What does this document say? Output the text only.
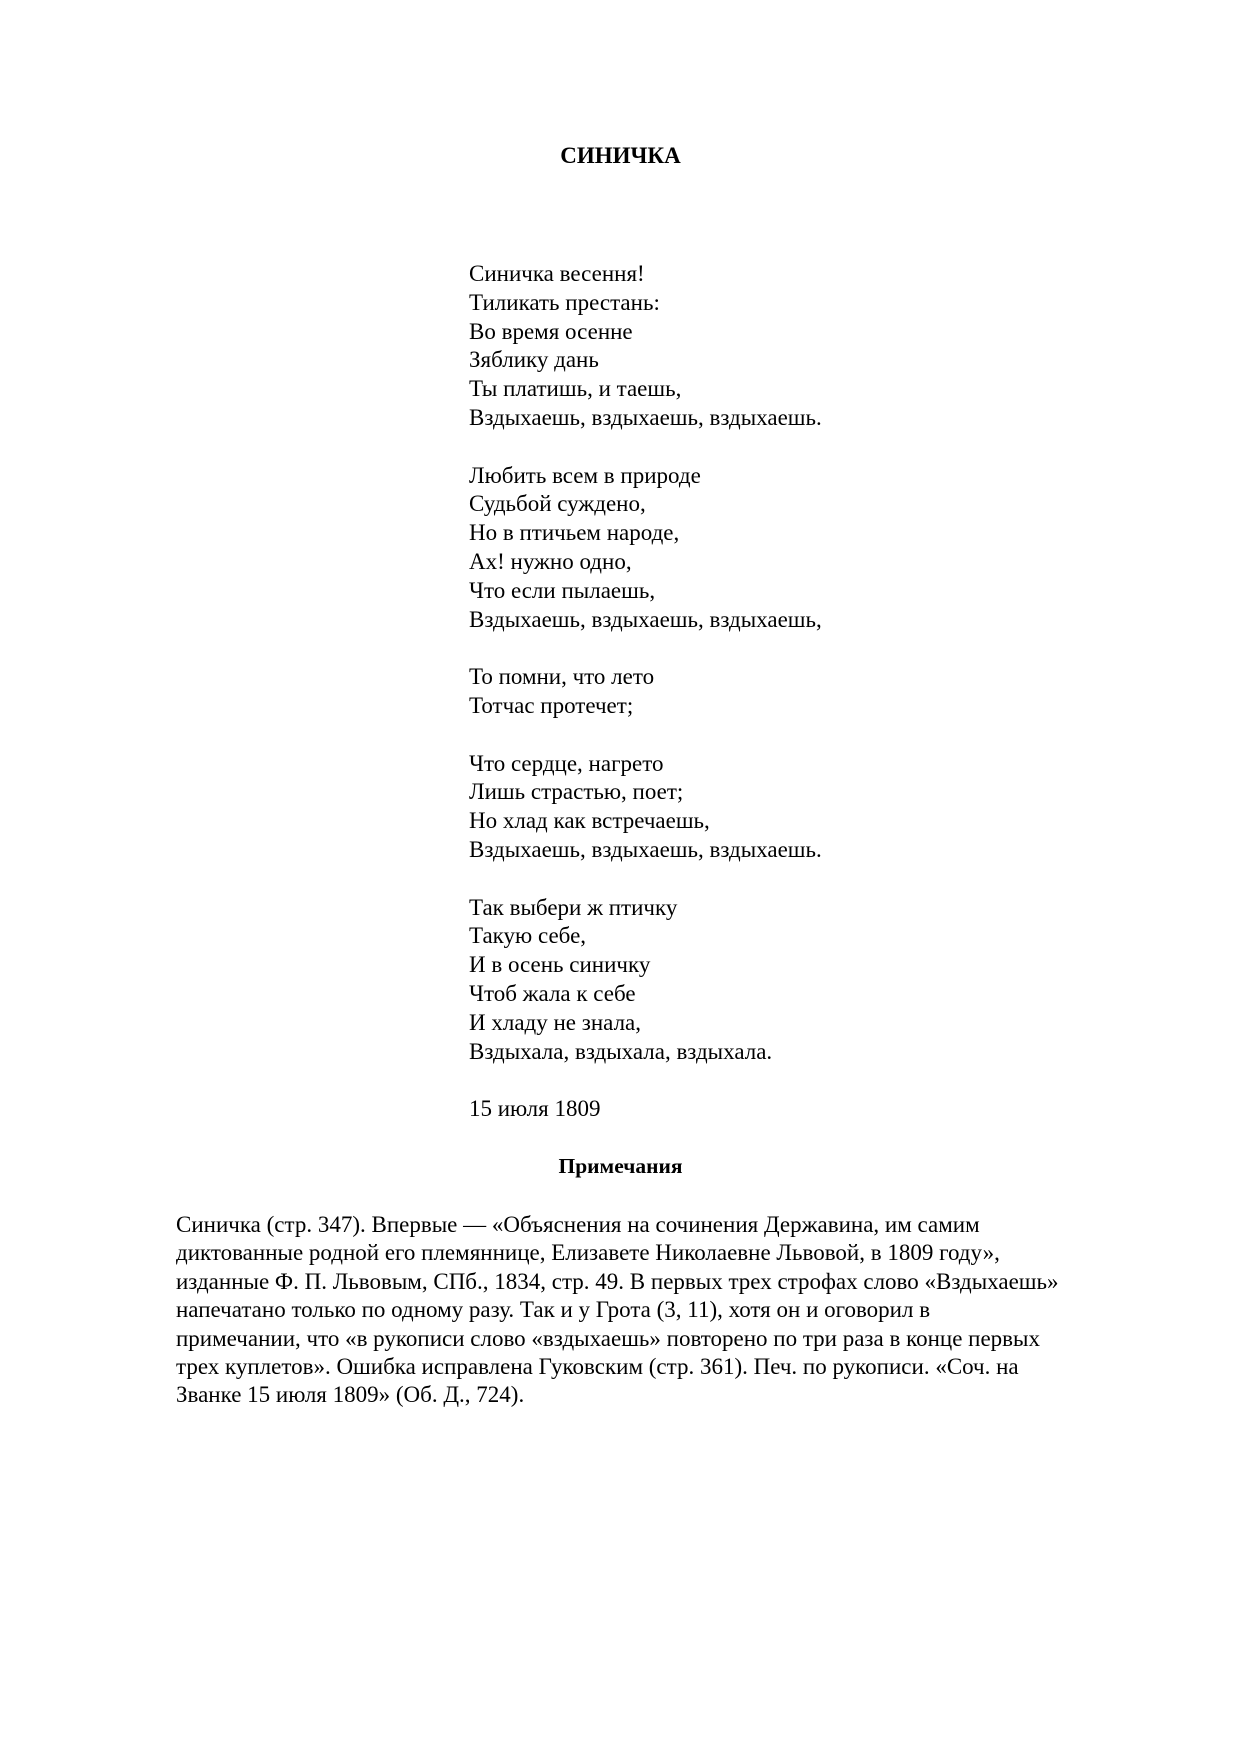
СИНИЧКА
Синичка весення!
Тиликать престань:
Во время осенне
Зяблику дань
Ты платишь, и таешь,
Вздыхаешь, вздыхаешь, вздыхаешь.
Любить всем в природе
Судьбой суждено,
Но в птичьем народе,
Ах! нужно одно,
Что если пылаешь,
Вздыхаешь, вздыхаешь, вздыхаешь,
То помни, что лето
Тотчас протечет;
Что сердце, нагрето
Лишь страстью, поет;
Но хлад как встречаешь,
Вздыхаешь, вздыхаешь, вздыхаешь.
Так выбери ж птичку
Такую себе,
И в осень синичку
Чтоб жала к себе
И хладу не знала,
Вздыхала, вздыхала, вздыхала.
15 июля 1809
Примечания
Синичка (стр. 347). Впервые — «Объяснения на сочинения Державина, им самим
диктованные родной его племяннице, Елизавете Николаевне Львовой, в 1809 году»,
изданные Ф. П. Львовым, СПб., 1834, стр. 49. В первых трех строфах слово «Вздыхаешь»
напечатано только по одному разу. Так и у Грота (3, 11), хотя он и оговорил в
примечании, что «в рукописи слово «вздыхаешь» повторено по три раза в конце первых
трех куплетов». Ошибка исправлена Гуковским (стр. 361). Печ. по рукописи. «Соч. на
Званке 15 июля 1809» (Об. Д., 724).
